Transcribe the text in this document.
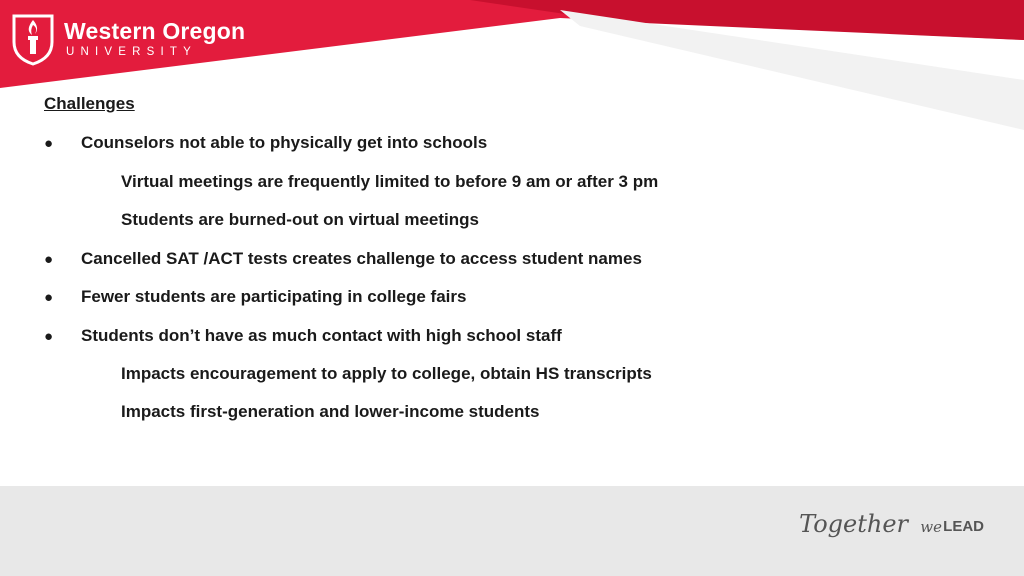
Western Oregon
UNIVERSITY
Challenges
● Counselors not able to physically get into schools
Virtual meetings are frequently limited to before 9 am or after 3 pm
Students are burned-out on virtual meetings
● Cancelled SAT /ACT tests creates challenge to access student names
● Fewer students are participating in college fairs
● Students don’t have as much contact with high school staff
Impacts encouragement to apply to college, obtain HS transcripts
Impacts first-generation and lower-income students
Together we LEAD
